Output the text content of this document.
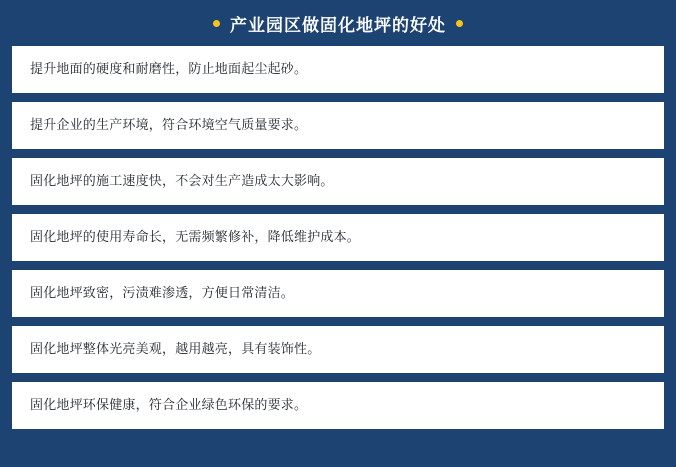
产业园区做固化地坪的好处
提升地面的硬度和耐磨性，防止地面起尘起砂。
提升企业的生产环境，符合环境空气质量要求。
固化地坪的施工速度快，不会对生产造成太大影响。
固化地坪的使用寿命长，无需频繁修补，降低维护成本。
固化地坪致密，污渍难渗透，方便日常清洁。
固化地坪整体光亮美观，越用越亮，具有装饰性。
固化地坪环保健康，符合企业绿色环保的要求。
